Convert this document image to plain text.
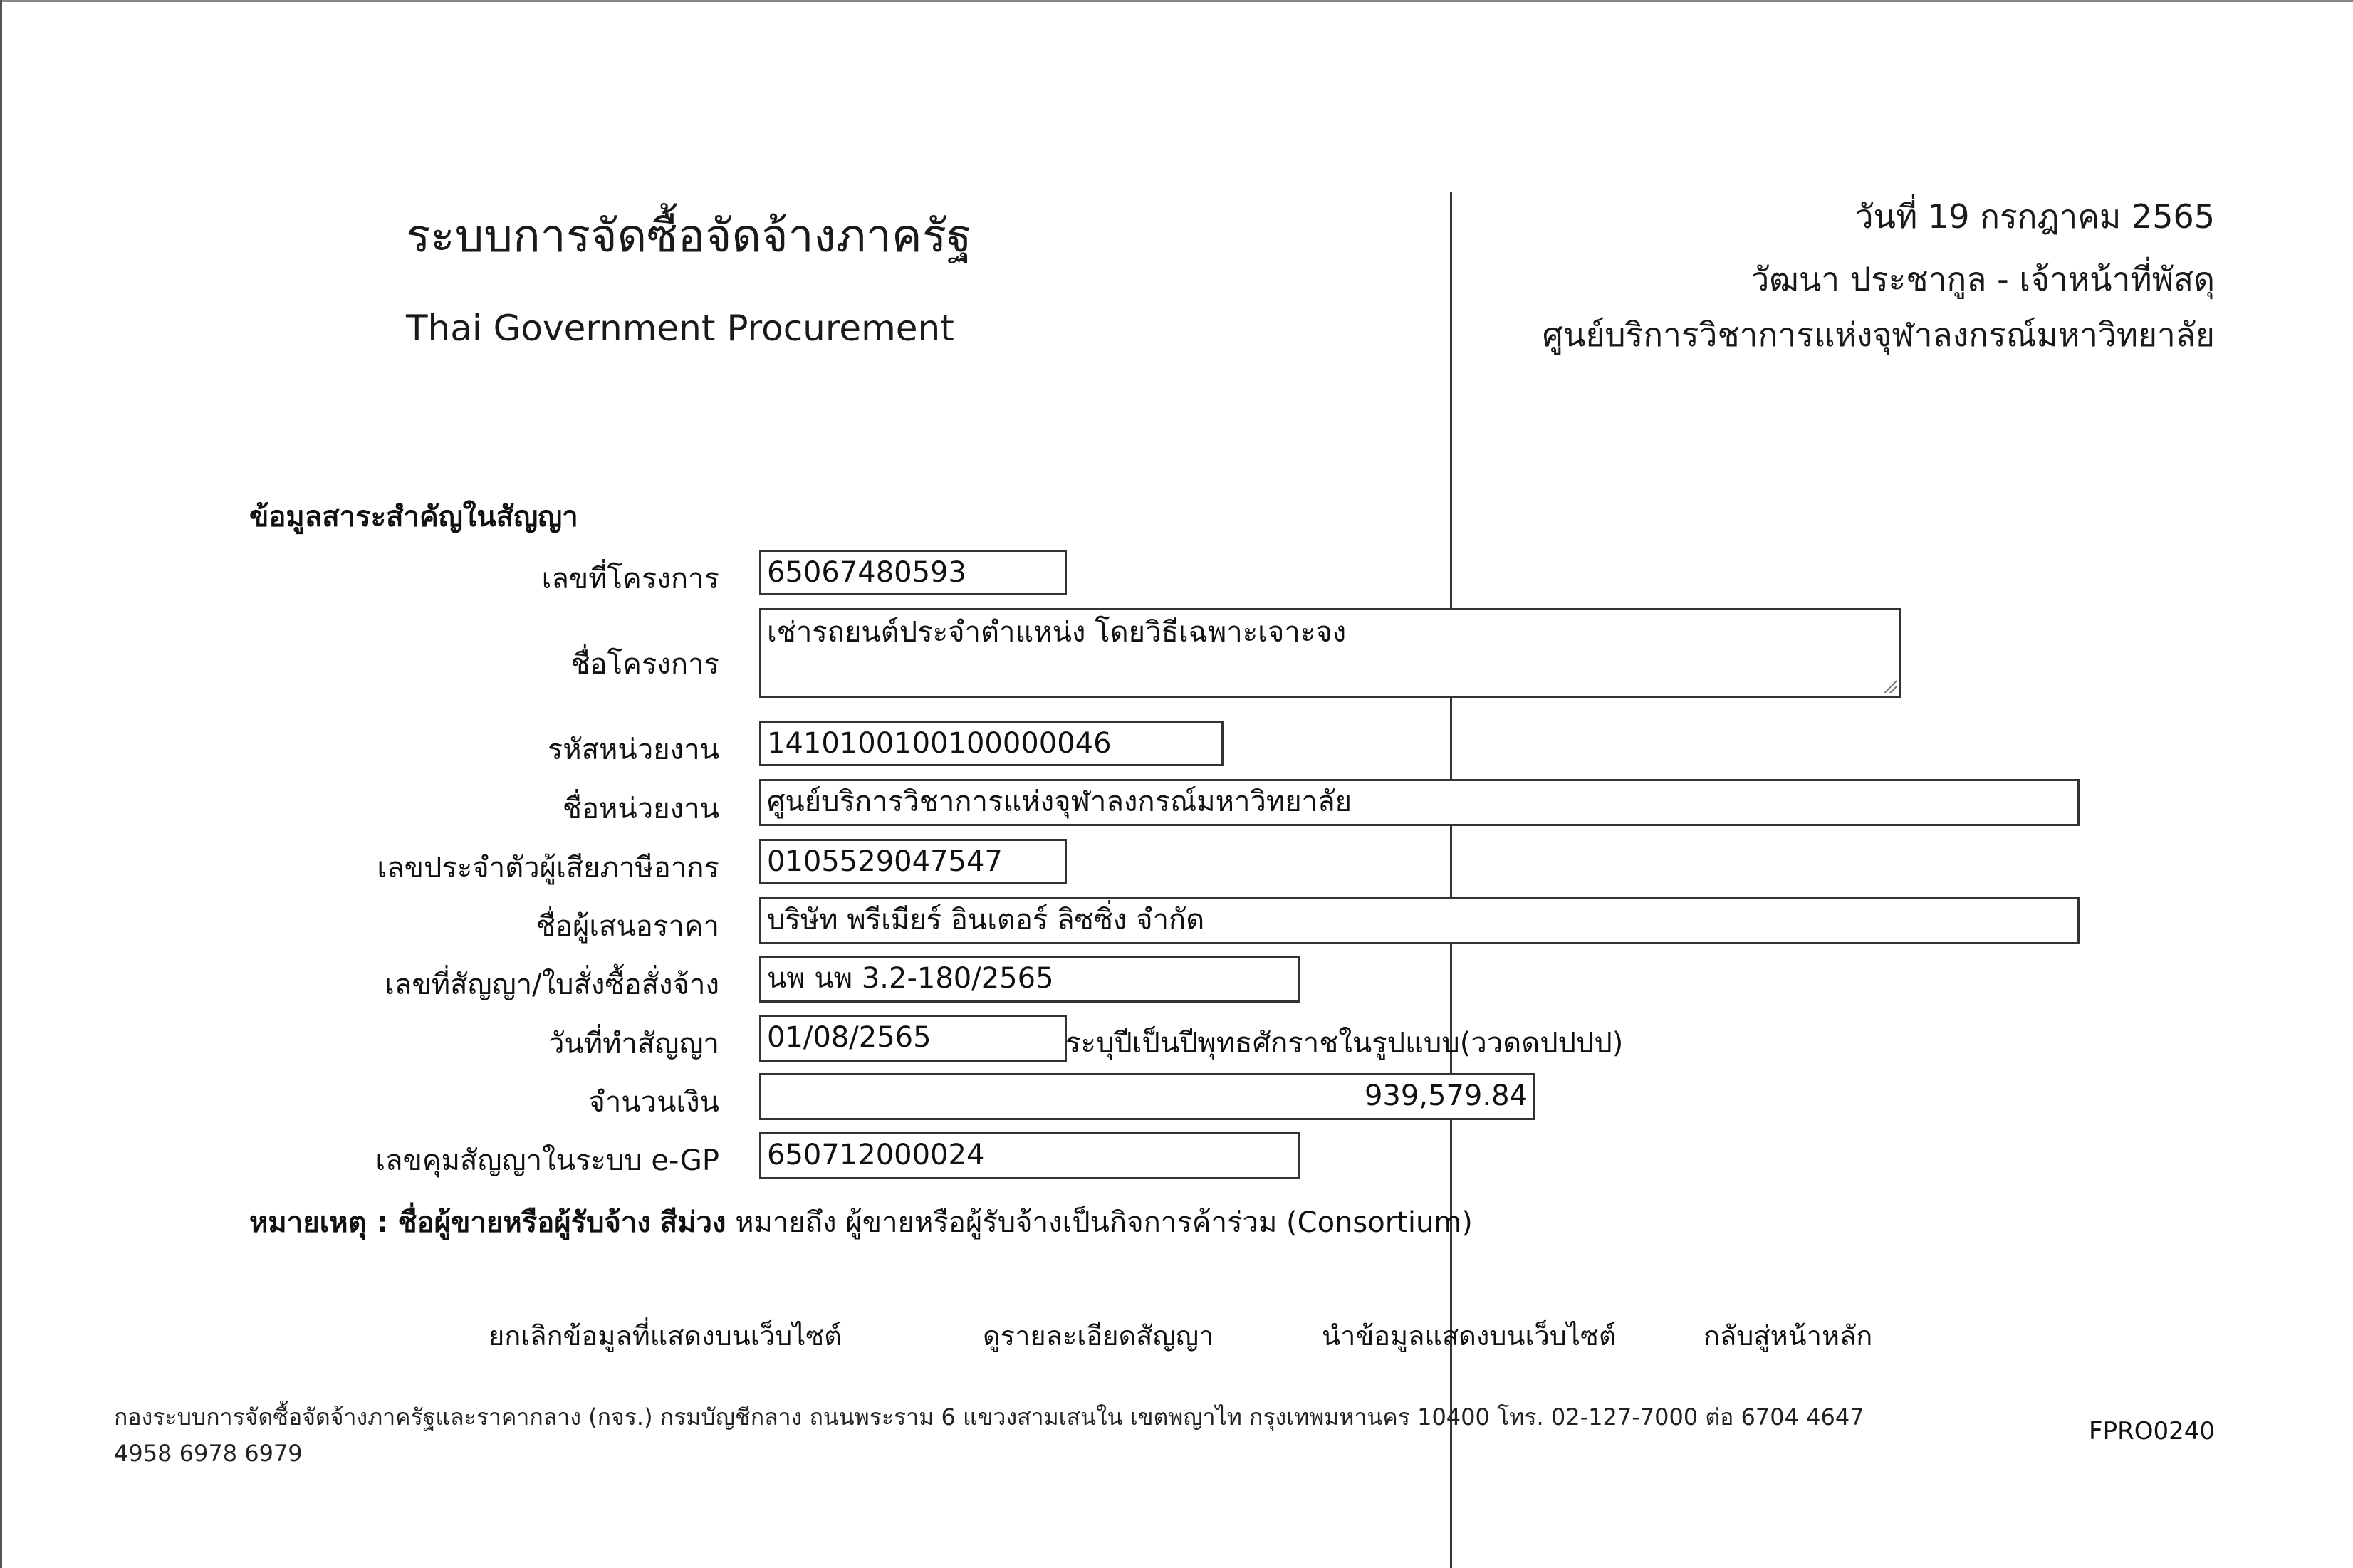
ระบบการจัดซื้อจัดจ้างภาครัฐ
Thai Government Procurement
วันที่ 19 กรกฎาคม 2565
วัฒนา ประชากูล - เจ้าหน้าที่พัสดุ
ศูนย์บริการวิชาการแห่งจุฬาลงกรณ์มหาวิทยาลัย
ข้อมูลสาระสำคัญในสัญญา
เลขที่โครงการ 65067480593
ชื่อโครงการ
เช่ารถยนต์ประจำตำแหน่ง โดยวิธีเฉพาะเจาะจง
รหัสหน่วยงาน 1410100100100000046
ชื่อหน่วยงาน ศูนย์บริการวิชาการแห่งจุฬาลงกรณ์มหาวิทยาลัย
เลขประจำตัวผู้เสียภาษีอากร 0105529047547
ชื่อผู้เสนอราคา บริษัท พรีเมียร์ อินเตอร์ ลิซซิ่ง จำกัด
เลขที่สัญญา/ใบสั่งซื้อสั่งจ้าง นพ นพ 3.2-180/2565
วันที่ทำสัญญา 01/08/2565	ระบุปีเป็นปีพุทธศักราชในรูปแบบ(ววดดปปปป)
จำนวนเงิน	939,579.84
เลขคุมสัญญาในระบบ e-GP 650712000024
หมายเหตุ : ชื่อผู้ขายหรือผู้รับจ้าง สีม่วง หมายถึง ผู้ขายหรือผู้รับจ้างเป็นกิจการค้าร่วม (Consortium)
ยกเลิกข้อมูลที่แสดงบนเว็บไซต์	ดูรายละเอียดสัญญา	นำข้อมูลแสดงบนเว็บไซต์	กลับสู่หน้าหลัก
กองระบบการจัดซื้อจัดจ้างภาครัฐและราคากลาง (กจร.) กรมบัญชีกลาง ถนนพระราม 6 แขวงสามเสนใน เขตพญาไท กรุงเทพมหานคร 10400 โทร. 02-127-7000 ต่อ 6704 4647
4958 6978 6979
FPRO0240
